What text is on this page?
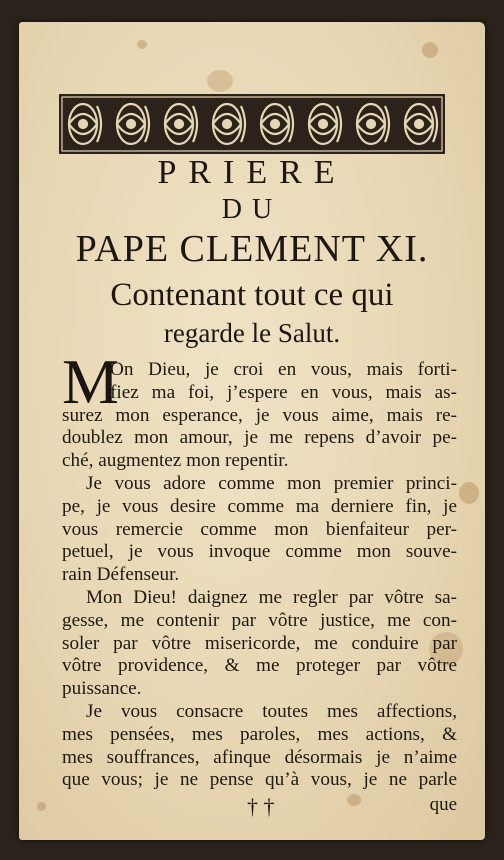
PRIERE
DU
PAPE CLEMENT XI.
Contenant tout ce qui
regarde le Salut.
M
On Dieu, je croi en vous, mais forti-
fiez ma foi, j’espere en vous, mais as-
surez mon esperance, je vous aime, mais re-
doublez mon amour, je me repens d’avoir pe-
ché, augmentez mon repentir.
Je vous adore comme mon premier princi-
pe, je vous desire comme ma derniere fin, je
vous remercie comme mon bienfaiteur per-
petuel, je vous invoque comme mon souve-
rain Défenseur.
Mon Dieu! daignez me regler par vôtre sa-
gesse, me contenir par vôtre justice, me con-
soler par vôtre misericorde, me conduire par
vôtre providence, & me proteger par vôtre
puissance.
Je vous consacre toutes mes affections,
mes pensées, mes paroles, mes actions, &
mes souffrances, afinque désormais je n’aime
que vous; je ne pense qu’à vous, je ne parle
† †	que
